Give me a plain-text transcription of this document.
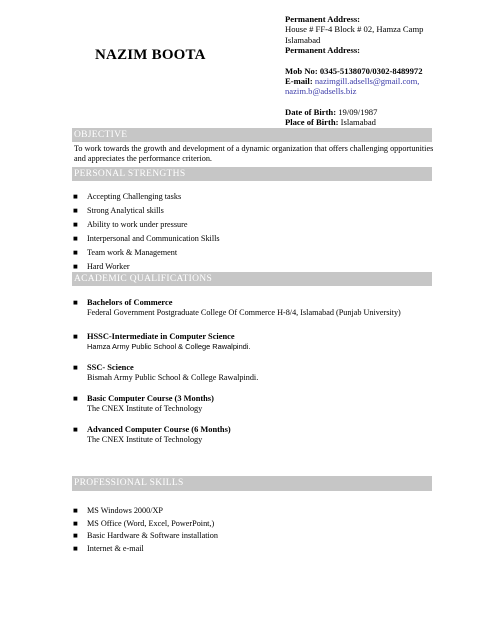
NAZIM BOOTA
Permanent Address:
House # FF-4 Block # 02, Hamza Camp
Islamabad
Permanent Address:
Mob No: 0345-5138070/0302-8489972
E-mail: nazimgill.adsells@gmail.com,
nazim.b@adsells.biz
Date of Birth: 19/09/1987
Place of Birth: Islamabad
OBJECTIVE
To work towards the growth and development of a dynamic organization that offers challenging opportunities and appreciates the performance criterion.
PERSONAL STRENGTHS
■ Accepting Challenging tasks
■ Strong Analytical skills
■ Ability to work under pressure
■ Interpersonal and Communication Skills
■ Team work & Management
■ Hard Worker
ACADEMIC QUALIFICATIONS
■	Bachelors of Commerce
Federal Government Postgraduate College Of Commerce H-8/4, Islamabad (Punjab University)
■	HSSC-Intermediate in Computer Science
Hamza Army Public School & College Rawalpindi.
■	SSC- Science
Bismah Army Public School & College Rawalpindi.
■	Basic Computer Course (3 Months)
The CNEX Institute of Technology
■	Advanced Computer Course (6 Months)
The CNEX Institute of Technology
PROFESSIONAL SKILLS
■ MS Windows 2000/XP
■ MS Office (Word, Excel, PowerPoint,)
■ Basic Hardware & Software installation
■ Internet & e-mail
